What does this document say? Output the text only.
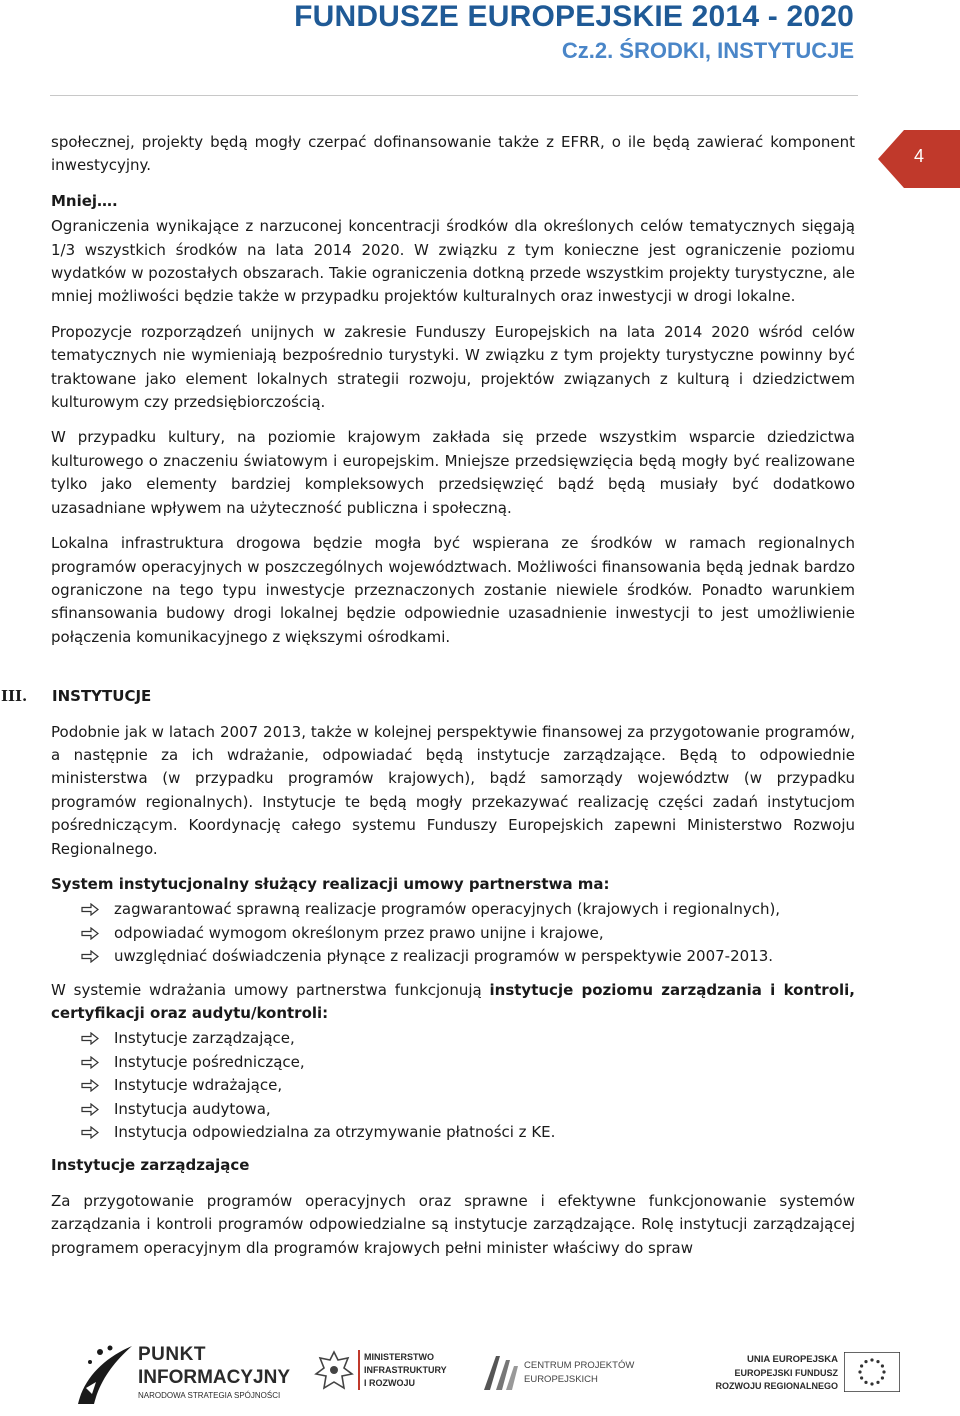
FUNDUSZE EUROPEJSKIE 2014 - 2020
Cz.2. ŚRODKI, INSTYTUCJE
4

społecznej, projekty będą mogły czerpać dofinansowanie także z EFRR, o ile będą zawierać komponent inwestycyjny.

Mniej….

Ograniczenia wynikające z narzuconej koncentracji środków dla określonych celów tematycznych sięgają 1/3 wszystkich środków na lata 2014 2020. W związku z tym konieczne jest ograniczenie poziomu wydatków w pozostałych obszarach. Takie ograniczenia dotkną przede wszystkim projekty turystyczne, ale mniej możliwości będzie także w przypadku projektów kulturalnych oraz inwestycji w drogi lokalne.

Propozycje rozporządzeń unijnych w zakresie Funduszy Europejskich na lata 2014 2020 wśród celów tematycznych nie wymieniają bezpośrednio turystyki. W związku z tym projekty turystyczne powinny być traktowane jako element lokalnych strategii rozwoju, projektów związanych z kulturą i dziedzictwem kulturowym czy przedsiębiorczością.

W przypadku kultury, na poziomie krajowym zakłada się przede wszystkim wsparcie dziedzictwa kulturowego o znaczeniu światowym i europejskim. Mniejsze przedsięwzięcia będą mogły być realizowane tylko jako elementy bardziej kompleksowych przedsięwzięć bądź będą musiały być dodatkowo uzasadniane wpływem na użyteczność publiczna i społeczną.

Lokalna infrastruktura drogowa będzie mogła być wspierana ze środków w ramach regionalnych programów operacyjnych w poszczególnych województwach. Możliwości finansowania będą jednak bardzo ograniczone na tego typu inwestycje przeznaczonych zostanie niewiele środków. Ponadto warunkiem sfinansowania budowy drogi lokalnej będzie odpowiednie uzasadnienie inwestycji to jest umożliwienie połączenia komunikacyjnego z większymi ośrodkami.

III.	INSTYTUCJE

Podobnie jak w latach 2007 2013, także w kolejnej perspektywie finansowej za przygotowanie programów, a następnie za ich wdrażanie, odpowiadać będą instytucje zarządzające. Będą to odpowiednie ministerstwa (w przypadku programów krajowych), bądź samorządy województw (w przypadku programów regionalnych). Instytucje te będą mogły przekazywać realizację części zadań instytucjom pośredniczącym. Koordynację całego systemu Funduszy Europejskich zapewni Ministerstwo Rozwoju Regionalnego.

System instytucjonalny służący realizacji umowy partnerstwa ma:

zagwarantować sprawną realizacje programów operacyjnych (krajowych i regionalnych),
odpowiadać wymogom określonym przez prawo unijne i krajowe,
uwzględniać doświadczenia płynące z realizacji programów w perspektywie 2007-2013.

W systemie wdrażania umowy partnerstwa funkcjonują instytucje poziomu zarządzania i kontroli, certyfikacji oraz audytu/kontroli:

Instytucje zarządzające,
Instytucje pośredniczące,
Instytucje wdrażające,
Instytucja audytowa,
Instytucja odpowiedzialna za otrzymywanie płatności z KE.

Instytucje zarządzające

Za przygotowanie programów operacyjnych oraz sprawne i efektywne funkcjonowanie systemów zarządzania i kontroli programów odpowiedzialne są instytucje zarządzające. Rolę instytucji zarządzającej programem operacyjnym dla programów krajowych pełni minister właściwy do spraw

PUNKT
INFORMACYJNY
NARODOWA STRATEGIA SPÓJNOŚCI
MINISTERSTWO
INFRASTRUKTURY
I ROZWOJU
CENTRUM PROJEKTÓW
EUROPEJSKICH
UNIA EUROPEJSKA
EUROPEJSKI FUNDUSZ
ROZWOJU REGIONALNEGO
